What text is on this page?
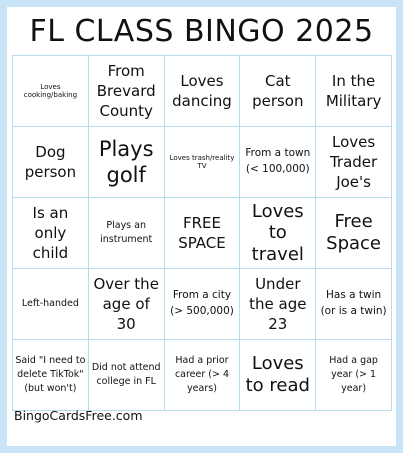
FL CLASS BINGO 2025
Loves cooking/baking
From Brevard County
Loves dancing
Cat person
In the Military
Dog person
Plays golf
Loves trash/reality TV
From a town (< 100,000)
Loves Trader Joe's
Is an only child
Plays an instrument
FREE SPACE
Loves to travel
Free Space
Left-handed
Over the age of 30
From a city (> 500,000)
Under the age 23
Has a twin (or is a twin)
Said "I need to delete TikTok" (but won't)
Did not attend college in FL
Had a prior career (> 4 years)
Loves to read
Had a gap year (> 1 year)
BingoCardsFree.com
